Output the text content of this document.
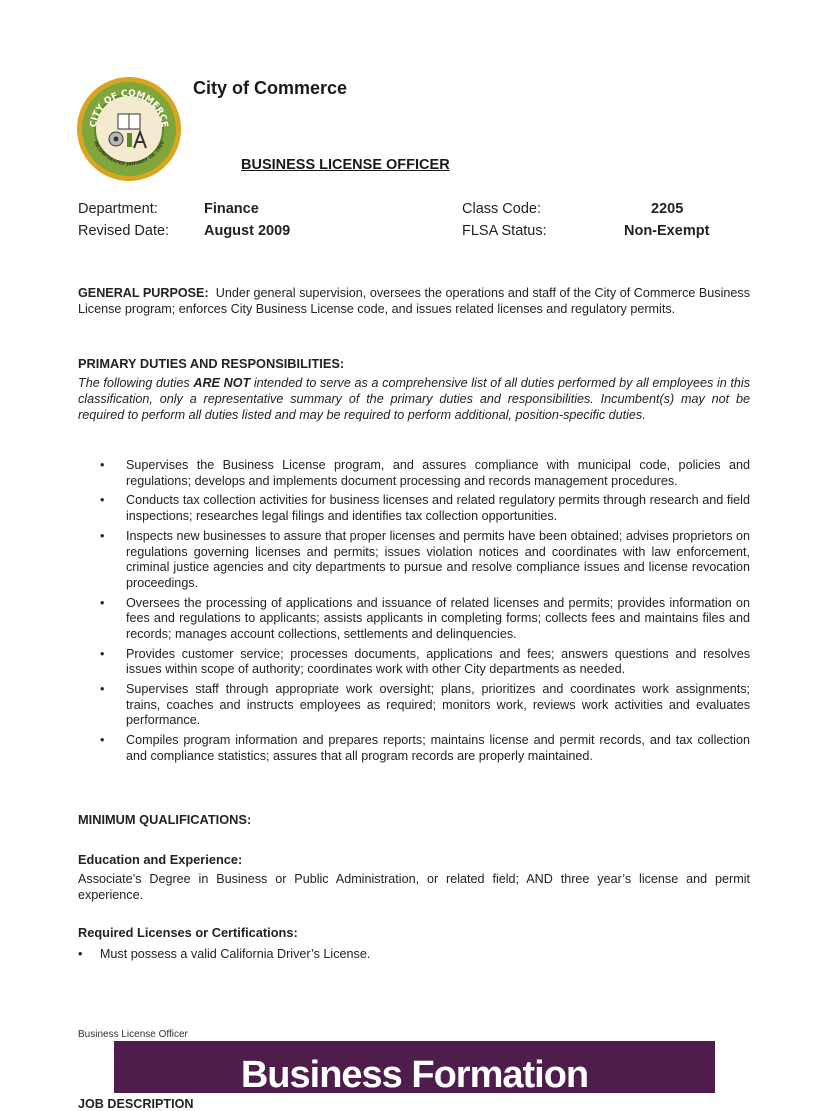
CITY OF COMMERCE
INCORPORATED JANUARY 28, 1960
City of Commerce
BUSINESS LICENSE OFFICER
Department:	Finance
Revised Date: August 2009
Class Code:	2205
FLSA Status:	Non-Exempt
GENERAL PURPOSE: Under general supervision, oversees the operations and staff of the City of Commerce Business License program; enforces City Business License code, and issues related licenses and regulatory permits.
PRIMARY DUTIES AND RESPONSIBILITIES:
The following duties ARE NOT intended to serve as a comprehensive list of all duties performed by all employees in this classification, only a representative summary of the primary duties and responsibilities. Incumbent(s) may not be required to perform all duties listed and may be required to perform additional, position-specific duties.
• Supervises the Business License program, and assures compliance with municipal code, policies and regulations; develops and implements document processing and records management procedures.
• Conducts tax collection activities for business licenses and related regulatory permits through research and field inspections; researches legal filings and identifies tax collection opportunities.
• Inspects new businesses to assure that proper licenses and permits have been obtained; advises proprietors on regulations governing licenses and permits; issues violation notices and coordinates with law enforcement, criminal justice agencies and city departments to pursue and resolve compliance issues and license revocation proceedings.
• Oversees the processing of applications and issuance of related licenses and permits; provides information on fees and regulations to applicants; assists applicants in completing forms; collects fees and maintains files and records; manages account collections, settlements and delinquencies.
• Provides customer service; processes documents, applications and fees; answers questions and resolves issues within scope of authority; coordinates work with other City departments as needed.
• Supervises staff through appropriate work oversight; plans, prioritizes and coordinates work assignments; trains, coaches and instructs employees as required; monitors work, reviews work activities and evaluates performance.
• Compiles program information and prepares reports; maintains license and permit records, and tax collection and compliance statistics; assures that all program records are properly maintained.
MINIMUM QUALIFICATIONS:
Education and Experience:
Associate’s Degree in Business or Public Administration, or related field; AND three year’s license and permit experience.
Required Licenses or Certifications:
• Must possess a valid California Driver’s License.
Business License Officer
JOB DESCRIPTION
Business Formation
